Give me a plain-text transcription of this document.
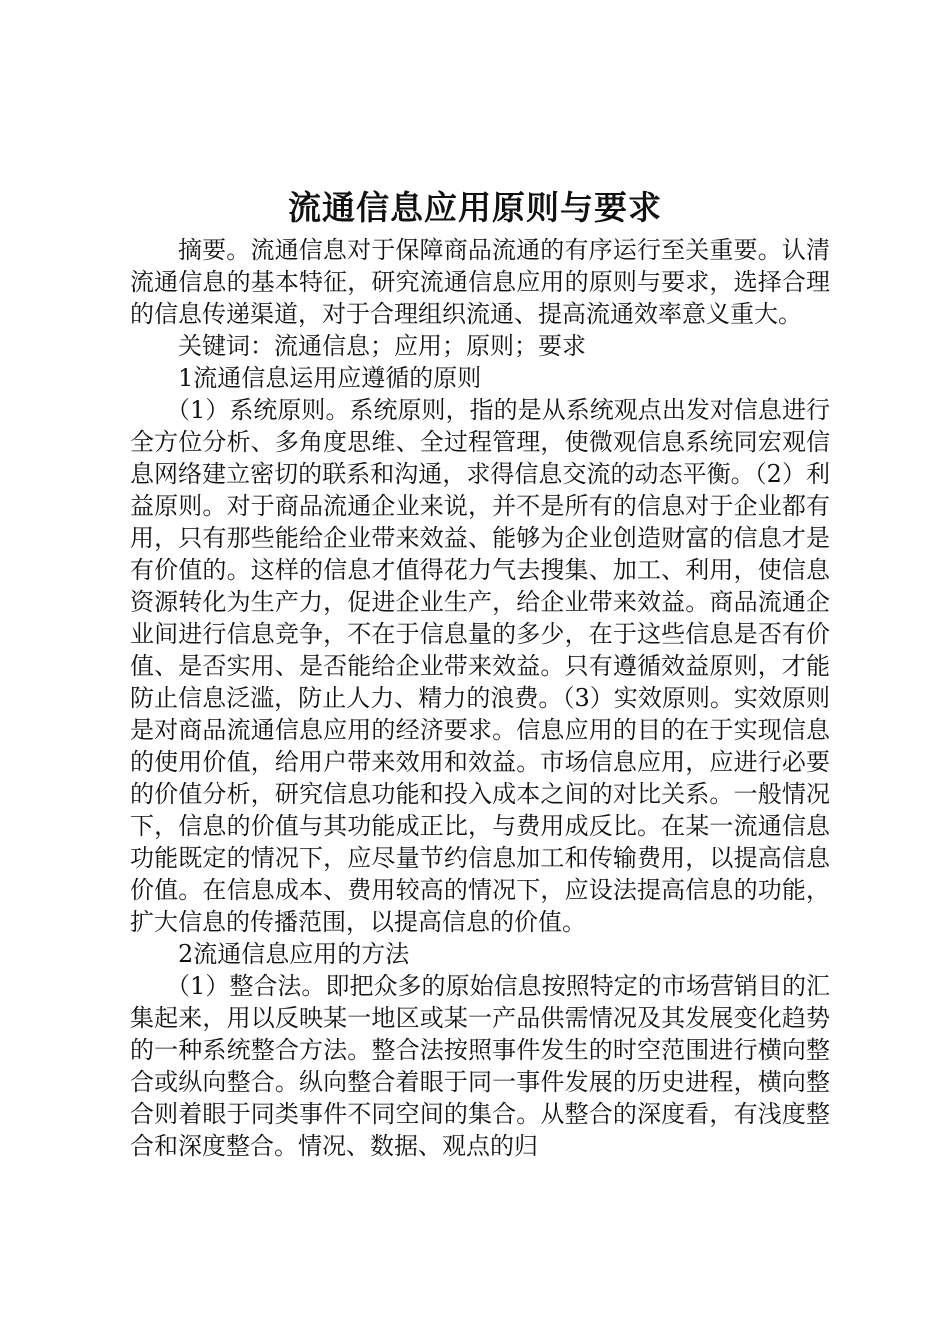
流通信息应用原则与要求

摘要。流通信息对于保障商品流通的有序运行至关重要。认清流通信息的基本特征，研究流通信息应用的原则与要求，选择合理的信息传递渠道，对于合理组织流通、提高流通效率意义重大。

关键词：流通信息；应用；原则；要求

1流通信息运用应遵循的原则

（1）系统原则。系统原则，指的是从系统观点出发对信息进行全方位分析、多角度思维、全过程管理，使微观信息系统同宏观信息网络建立密切的联系和沟通，求得信息交流的动态平衡。（2）利益原则。对于商品流通企业来说，并不是所有的信息对于企业都有用，只有那些能给企业带来效益、能够为企业创造财富的信息才是有价值的。这样的信息才值得花力气去搜集、加工、利用，使信息资源转化为生产力，促进企业生产，给企业带来效益。商品流通企业间进行信息竞争，不在于信息量的多少，在于这些信息是否有价值、是否实用、是否能给企业带来效益。只有遵循效益原则，才能防止信息泛滥，防止人力、精力的浪费。（3）实效原则。实效原则是对商品流通信息应用的经济要求。信息应用的目的在于实现信息的使用价值，给用户带来效用和效益。市场信息应用，应进行必要的价值分析，研究信息功能和投入成本之间的对比关系。一般情况下，信息的价值与其功能成正比，与费用成反比。在某一流通信息功能既定的情况下，应尽量节约信息加工和传输费用，以提高信息价值。在信息成本、费用较高的情况下，应设法提高信息的功能，扩大信息的传播范围，以提高信息的价值。

2流通信息应用的方法

（1）整合法。即把众多的原始信息按照特定的市场营销目的汇集起来，用以反映某一地区或某一产品供需情况及其发展变化趋势的一种系统整合方法。整合法按照事件发生的时空范围进行横向整合或纵向整合。纵向整合着眼于同一事件发展的历史进程，横向整合则着眼于同类事件不同空间的集合。从整合的深度看，有浅度整合和深度整合。情况、数据、观点的归
